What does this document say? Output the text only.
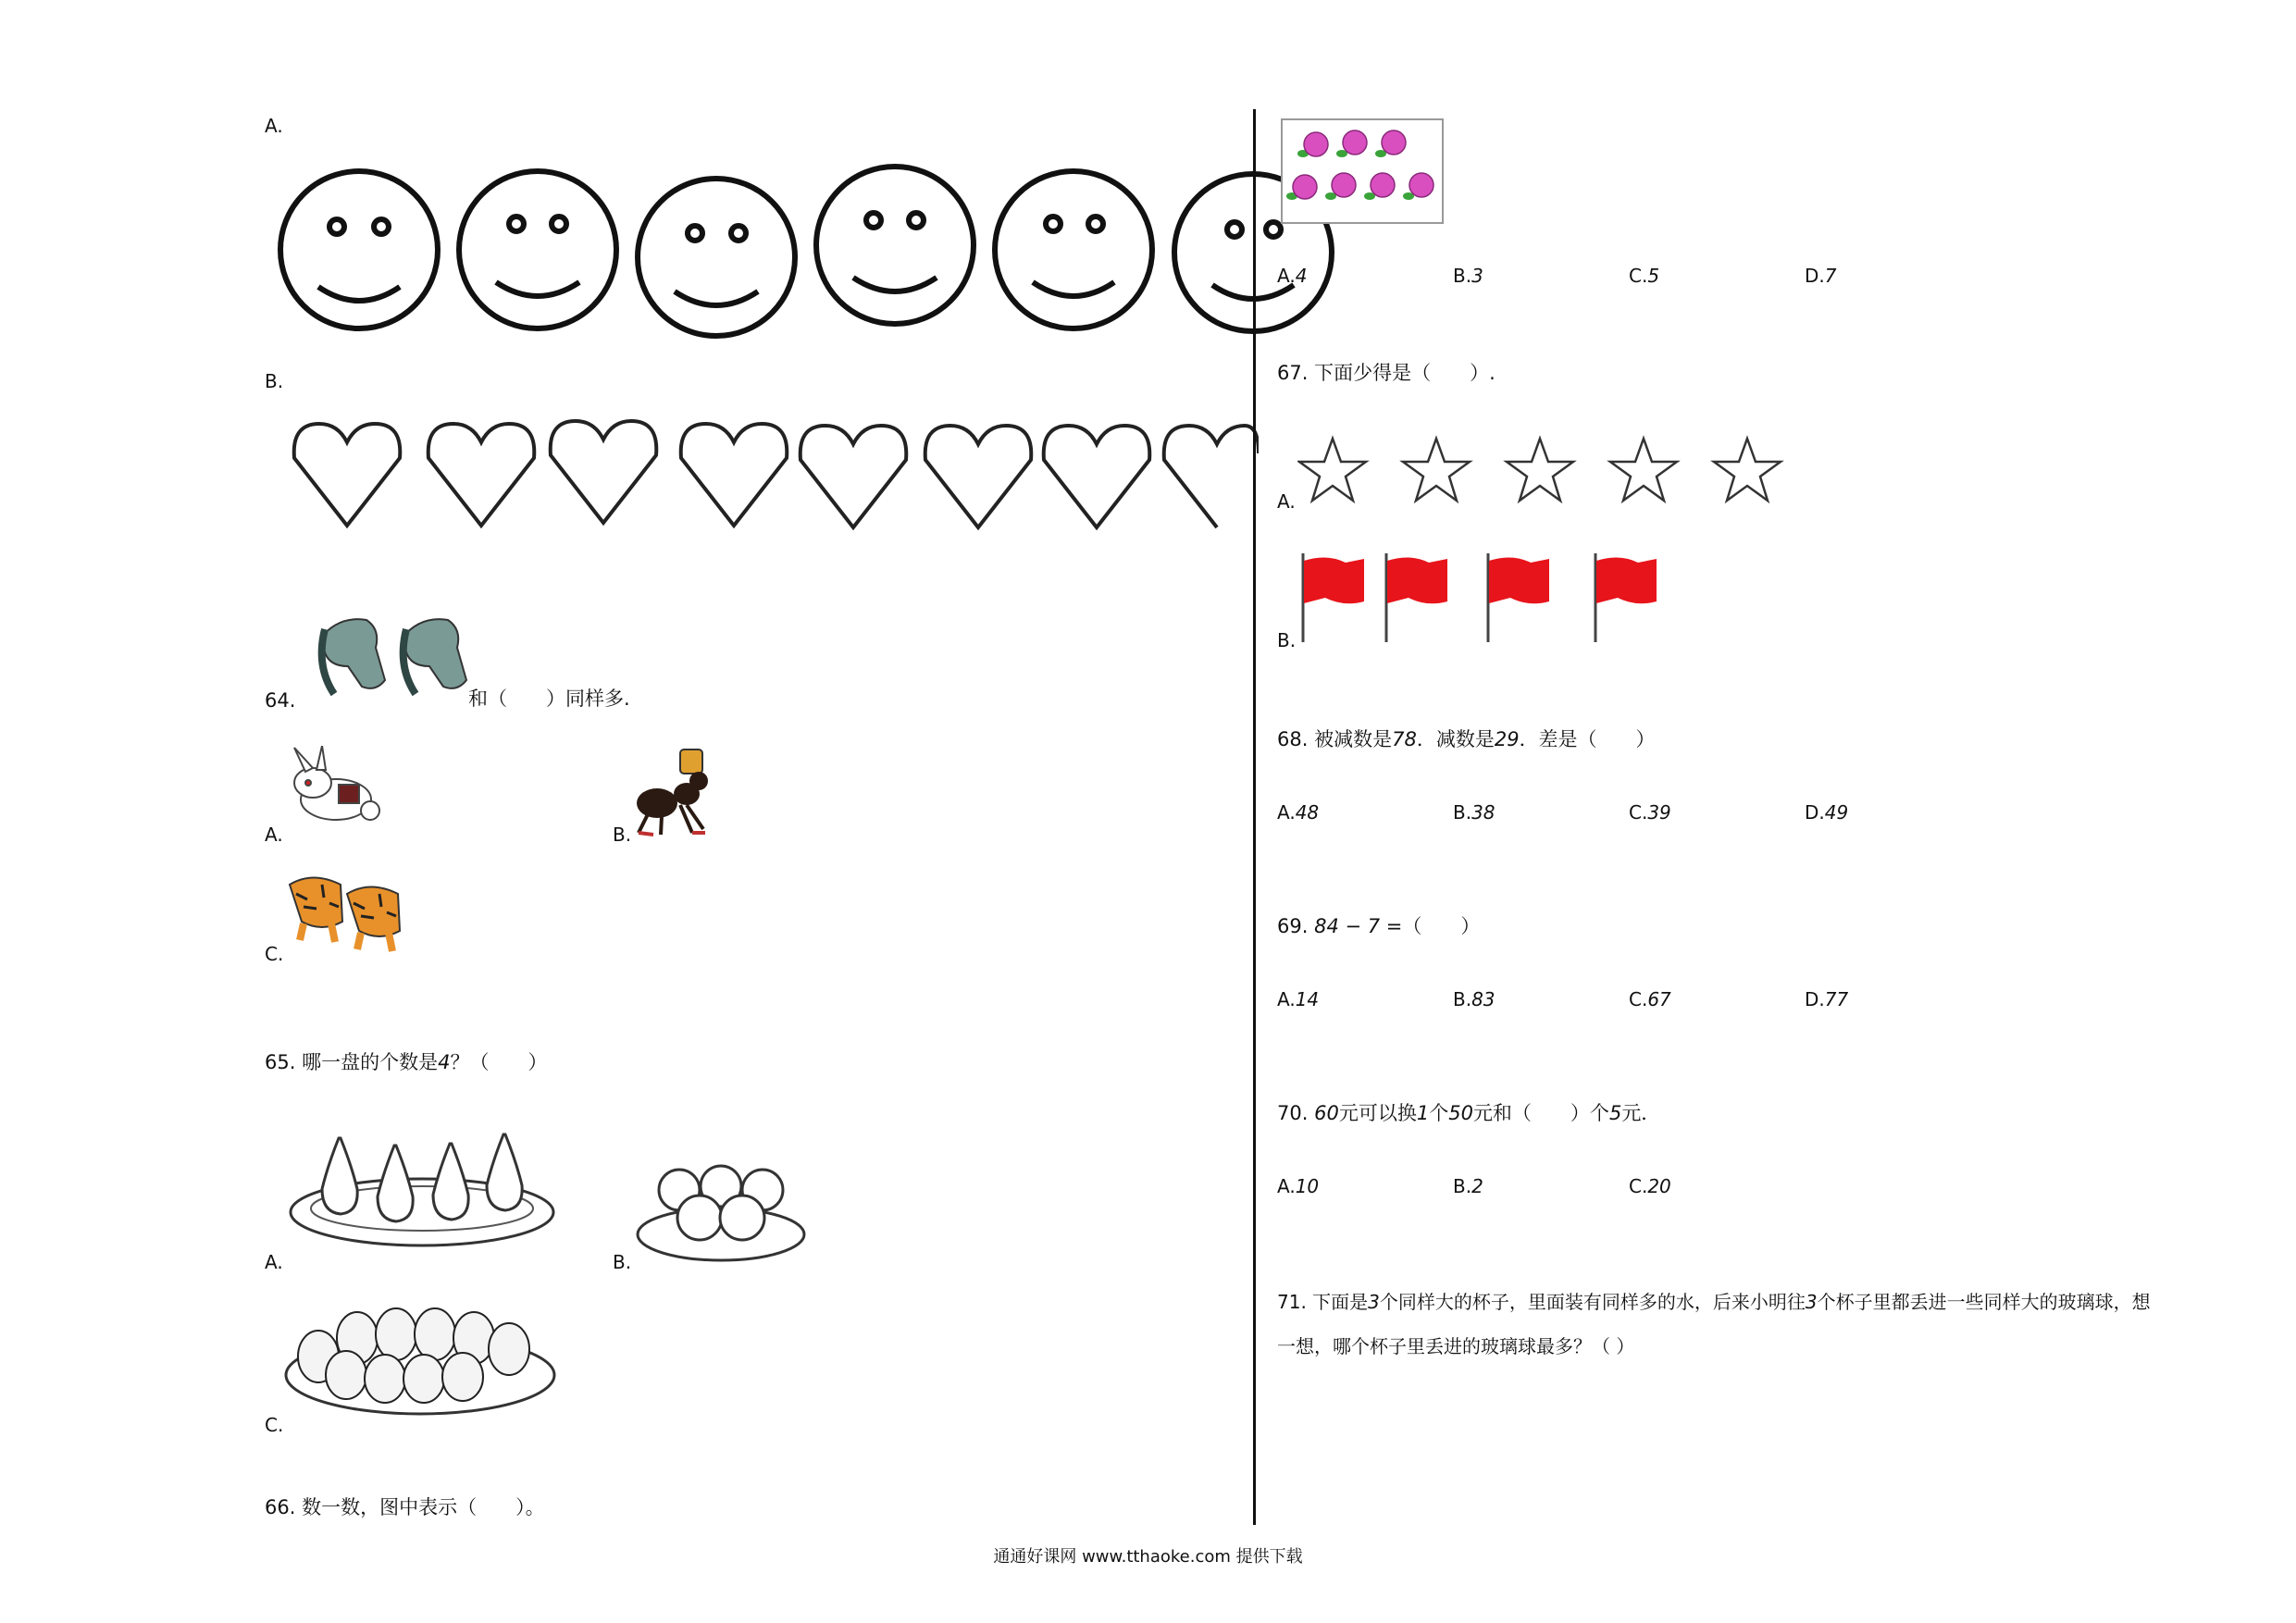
A.
B.
64.	和（　　）同样多.
A.	B.
C.
65. 哪一盘的个数是4？（　　）
A.	B.
C.
66. 数一数，图中表示（　　）。
A.4	B.3	C.5	D.7
67. 下面少得是（　　）.
A.
B.
68. 被减数是78．减数是29．差是（　　）
A.48	B.38	C.39	D.49
69. 84 − 7 =（　　）
A.14	B.83	C.67	D.77
70. 60元可以换1个50元和（　　）个5元．
A.10	B.2	C.20
71. 下面是3个同样大的杯子，里面装有同样多的水，后来小明往3个杯子里都丢进一些同样大的玻璃球，想
一想，哪个杯子里丢进的玻璃球最多？（ ）
通通好课网 www.tthaoke.com 提供下载
